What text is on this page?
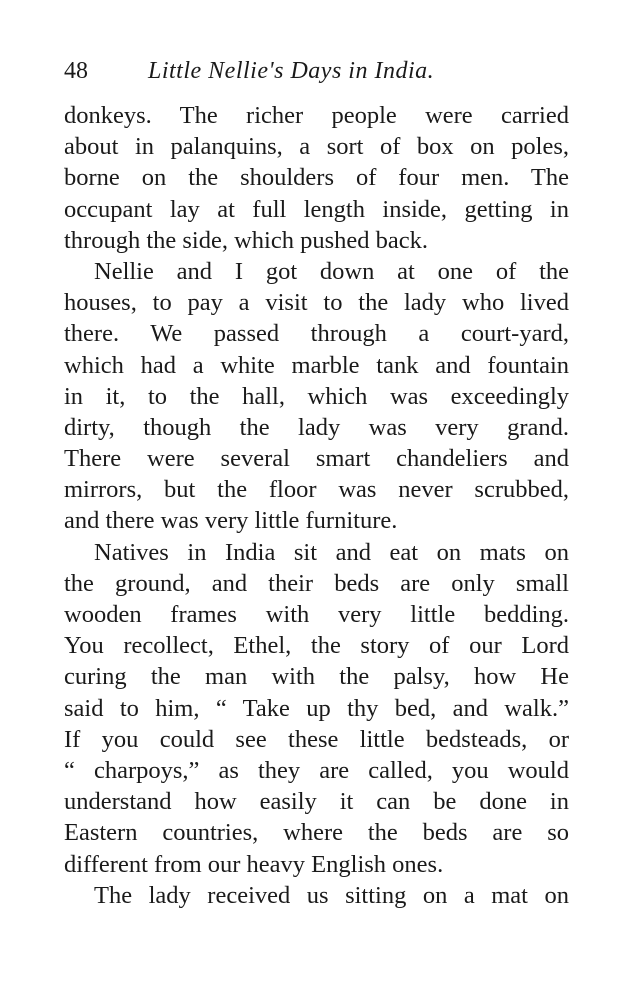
48	Little Nellie's Days in India.
donkeys. The richer people were carried
about in palanquins, a sort of box on poles,
borne on the shoulders of four men. The
occupant lay at full length inside, getting in
through the side, which pushed back.
Nellie and I got down at one of the
houses, to pay a visit to the lady who lived
there. We passed through a court-yard,
which had a white marble tank and fountain
in it, to the hall, which was exceedingly
dirty, though the lady was very grand.
There were several smart chandeliers and
mirrors, but the floor was never scrubbed,
and there was very little furniture.
Natives in India sit and eat on mats on
the ground, and their beds are only small
wooden frames with very little bedding.
You recollect, Ethel, the story of our Lord
curing the man with the palsy, how He
said to him, “ Take up thy bed, and walk.”
If you could see these little bedsteads, or
“ charpoys,” as they are called, you would
understand how easily it can be done in
Eastern countries, where the beds are so
different from our heavy English ones.
The lady received us sitting on a mat on
